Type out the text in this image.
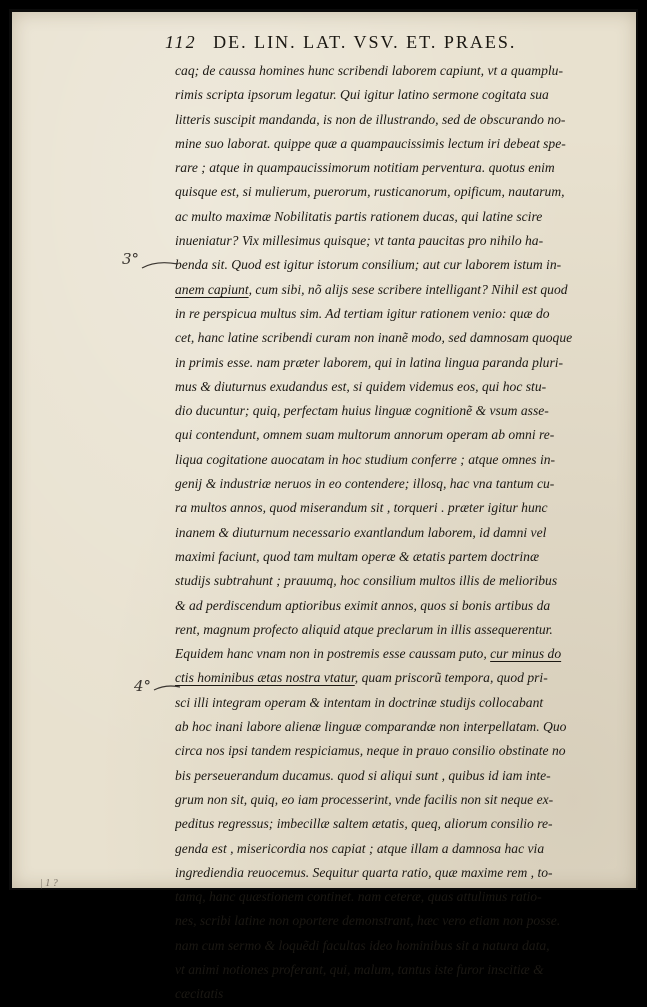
112 DE. LIN. LAT. VSV. ET. PRAES.
caq; de caussa homines hunc scribendi laborem capiunt, vt a quamplu-
rimis scripta ipsorum legatur. Qui igitur latino sermone cogitata sua
litteris suscipit mandanda, is non de illustrando, sed de obscurando no-
mine suo laborat. quippe quæ a quampaucissimis lectum iri debeat spe-
rare ; atque in quampaucissimorum notitiam perventura. quotus enim
quisque est, si mulierum, puerorum, rusticanorum, opificum, nautarum,
ac multo maximæ Nobilitatis partis rationem ducas, qui latine scire
inueniatur? Vix millesimus quisque; vt tanta paucitas pro nihilo ha-
benda sit. Quod est igitur istorum consilium; aut cur laborem istum in-
anem capiunt, cum sibi, nõ alijs sese scribere intelligant? Nihil est quod
in re perspicua multus sim. Ad tertiam igitur rationem venio: quæ do
cet, hanc latine scribendi curam non inanẽ modo, sed damnosam quoque
in primis esse. nam præter laborem, qui in latina lingua paranda pluri-
mus & diuturnus exudandus est, si quidem videmus eos, qui hoc stu-
dio ducuntur; quiq, perfectam huius linguæ cognitionẽ & vsum asse-
qui contendunt, omnem suam multorum annorum operam ab omni re-
liqua cogitatione auocatam in hoc studium conferre ; atque omnes in-
genij & industriæ neruos in eo contendere; illosq, hac vna tantum cu-
ra multos annos, quod miserandum sit , torqueri . præter igitur hunc
inanem & diuturnum necessario exantlandum laborem, id damni vel
maximi faciunt, quod tam multam operæ & ætatis partem doctrinæ
studijs subtrahunt ; prauumq, hoc consilium multos illis de melioribus
& ad perdiscendum aptioribus eximit annos, quos si bonis artibus da
rent, magnum profecto aliquid atque preclarum in illis assequerentur.
Equidem hanc vnam non in postremis esse caussam puto, cur minus do
ctis hominibus ætas nostra vtatur, quam priscorũ tempora, quod pri-
sci illi integram operam & intentam in doctrinæ studijs collocabant
ab hoc inani labore alienæ linguæ comparandæ non interpellatam. Quo
circa nos ipsi tandem respiciamus, neque in prauo consilio obstinate no
bis perseuerandum ducamus. quod si aliqui sunt , quibus id iam inte-
grum non sit, quiq, eo iam processerint, vnde facilis non sit neque ex-
peditus regressus; imbecillæ saltem ætatis, queq, aliorum consilio re-
genda est , misericordia nos capiat ; atque illam a damnosa hac via
ingrediendia reuocemus. Sequitur quarta ratio, quæ maxime rem , to-
tamq, hanc quæstionem continet. nam ceteræ, quas attulimus ratio-
nes, scribi latine non oportere demonstrant, hæc vero etiam non posse.
nam cum sermo & loquẽdi facultas ideo hominibus sit a natura data,
vt animi notiones proferant, qui, malum, tantus iste furor inscitiæ &
cæcitatis
3°
4°
| 1 ?
